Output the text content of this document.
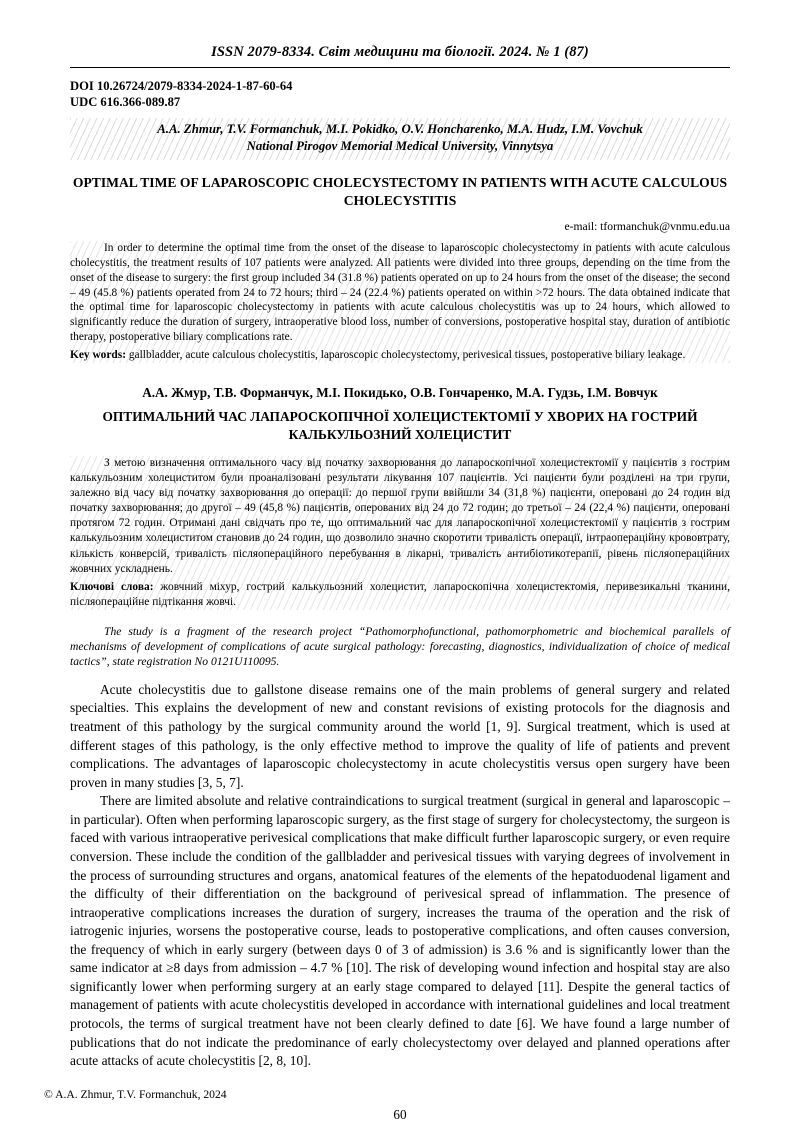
ISSN 2079-8334. Світ медицини та біології. 2024. № 1 (87)
DOI 10.26724/2079-8334-2024-1-87-60-64
UDC 616.366-089.87
A.A. Zhmur, T.V. Formanchuk, M.I. Pokidko, O.V. Honcharenko, M.A. Hudz, I.M. Vovchuk
National Pirogov Memorial Medical University, Vinnytsya
OPTIMAL TIME OF LAPAROSCOPIC CHOLECYSTECTOMY IN PATIENTS WITH ACUTE CALCULOUS CHOLECYSTITIS
e-mail: tformanchuk@vnmu.edu.ua

In order to determine the optimal time from the onset of the disease to laparoscopic cholecystectomy in patients with acute calculous cholecystitis, the treatment results of 107 patients were analyzed. All patients were divided into three groups, depending on the time from the onset of the disease to surgery: the first group included 34 (31.8 %) patients operated on up to 24 hours from the onset of the disease; the second – 49 (45.8 %) patients operated from 24 to 72 hours; third – 24 (22.4 %) patients operated on within >72 hours. The data obtained indicate that the optimal time for laparoscopic cholecystectomy in patients with acute calculous cholecystitis was up to 24 hours, which allowed to significantly reduce the duration of surgery, intraoperative blood loss, number of conversions, postoperative hospital stay, duration of antibiotic therapy, postoperative biliary complications rate.

Key words: gallbladder, acute calculous cholecystitis, laparoscopic cholecystectomy, perivesical tissues, postoperative biliary leakage.

А.А. Жмур, Т.В. Форманчук, М.І. Покидько, О.В. Гончаренко, М.А. Гудзь, І.М. Вовчук
ОПТИМАЛЬНИЙ ЧАС ЛАПАРОСКОПІЧНОЇ ХОЛЕЦИСТЕКТОМІЇ У ХВОРИХ НА ГОСТРИЙ КАЛЬКУЛЬОЗНИЙ ХОЛЕЦИСТИТ

З метою визначення оптимального часу від початку захворювання до лапароскопічної холецистектомії у пацієнтів з гострим калькульозним холециститом були проаналізовані результати лікування 107 пацієнтів. Усі пацієнти були розділені на три групи, залежно від часу від початку захворювання до операції: до першої групи ввійшли 34 (31,8 %) пацієнти, оперовані до 24 годин від початку захворювання; до другої – 49 (45,8 %) пацієнтів, оперованих від 24 до 72 годин; до третьої – 24 (22,4 %) пацієнти, оперовані протягом 72 годин. Отримані дані свідчать про те, що оптимальний час для лапароскопічної холецистектомії у пацієнтів з гострим калькульозним холециститом становив до 24 годин, що дозволило значно скоротити тривалість операції, інтраопераційну крововтрату, кількість конверсій, тривалість післяопераційного перебування в лікарні, тривалість антибіотикотерапії, рівень післяопераційних жовчних ускладнень.

Ключові слова: жовчний міхур, гострий калькульозний холецистит, лапароскопічна холецистектомія, перивезикальні тканини, післяопераційне підтікання жовчі.

The study is a fragment of the research project “Pathomorphofunctional, pathomorphometric and biochemical parallels of mechanisms of development of complications of acute surgical pathology: forecasting, diagnostics, individualization of choice of medical tactics”, state registration No 0121U110095.

Acute cholecystitis due to gallstone disease remains one of the main problems of general surgery and related specialties. This explains the development of new and constant revisions of existing protocols for the diagnosis and treatment of this pathology by the surgical community around the world [1, 9]. Surgical treatment, which is used at different stages of this pathology, is the only effective method to improve the quality of life of patients and prevent complications. The advantages of laparoscopic cholecystectomy in acute cholecystitis versus open surgery have been proven in many studies [3, 5, 7].

There are limited absolute and relative contraindications to surgical treatment (surgical in general and laparoscopic – in particular). Often when performing laparoscopic surgery, as the first stage of surgery for cholecystectomy, the surgeon is faced with various intraoperative perivesical complications that make difficult further laparoscopic surgery, or even require conversion. These include the condition of the gallbladder and perivesical tissues with varying degrees of involvement in the process of surrounding structures and organs, anatomical features of the elements of the hepatoduodenal ligament and the difficulty of their differentiation on the background of perivesical spread of inflammation. The presence of intraoperative complications increases the duration of surgery, increases the trauma of the operation and the risk of iatrogenic injuries, worsens the postoperative course, leads to postoperative complications, and often causes conversion, the frequency of which in early surgery (between days 0 of 3 of admission) is 3.6 % and is significantly lower than the same indicator at ≥8 days from admission – 4.7 % [10]. The risk of developing wound infection and hospital stay are also significantly lower when performing surgery at an early stage compared to delayed [11]. Despite the general tactics of management of patients with acute cholecystitis developed in accordance with international guidelines and local treatment protocols, the terms of surgical treatment have not been clearly defined to date [6]. We have found a large number of publications that do not indicate the predominance of early cholecystectomy over delayed and planned operations after acute attacks of acute cholecystitis [2, 8, 10].

© A.A. Zhmur, T.V. Formanchuk, 2024
60
